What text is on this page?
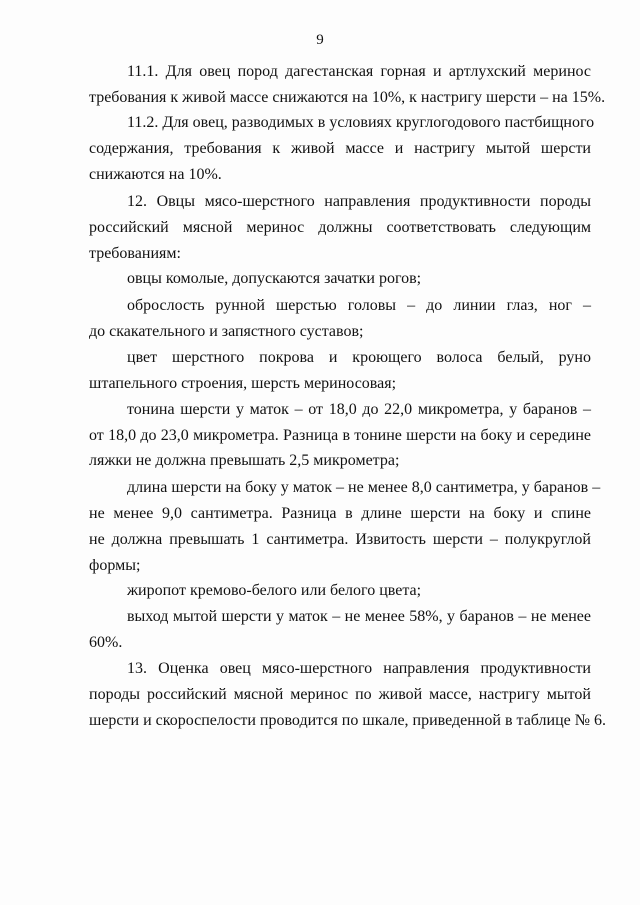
9
11.1. Для овец пород дагестанская горная и артлухский меринос
требования к живой массе снижаются на 10%, к настригу шерсти – на 15%.
11.2. Для овец, разводимых в условиях круглогодового пастбищного
содержания, требования к живой массе и настригу мытой шерсти
снижаются на 10%.
12. Овцы мясо-шерстного направления продуктивности породы
российский мясной меринос должны соответствовать следующим
требованиям:
овцы комолые, допускаются зачатки рогов;
оброслость рунной шерстью головы – до линии глаз, ног –
до скакательного и запястного суставов;
цвет шерстного покрова и кроющего волоса белый, руно
штапельного строения, шерсть мериносовая;
тонина шерсти у маток – от 18,0 до 22,0 микрометра, у баранов –
от 18,0 до 23,0 микрометра. Разница в тонине шерсти на боку и середине
ляжки не должна превышать 2,5 микрометра;
длина шерсти на боку у маток – не менее 8,0 сантиметра, у баранов –
не менее 9,0 сантиметра. Разница в длине шерсти на боку и спине
не должна превышать 1 сантиметра. Извитость шерсти – полукруглой
формы;
жиропот кремово-белого или белого цвета;
выход мытой шерсти у маток – не менее 58%, у баранов – не менее
60%.
13. Оценка овец мясо-шерстного направления продуктивности
породы российский мясной меринос по живой массе, настригу мытой
шерсти и скороспелости проводится по шкале, приведенной в таблице № 6.
